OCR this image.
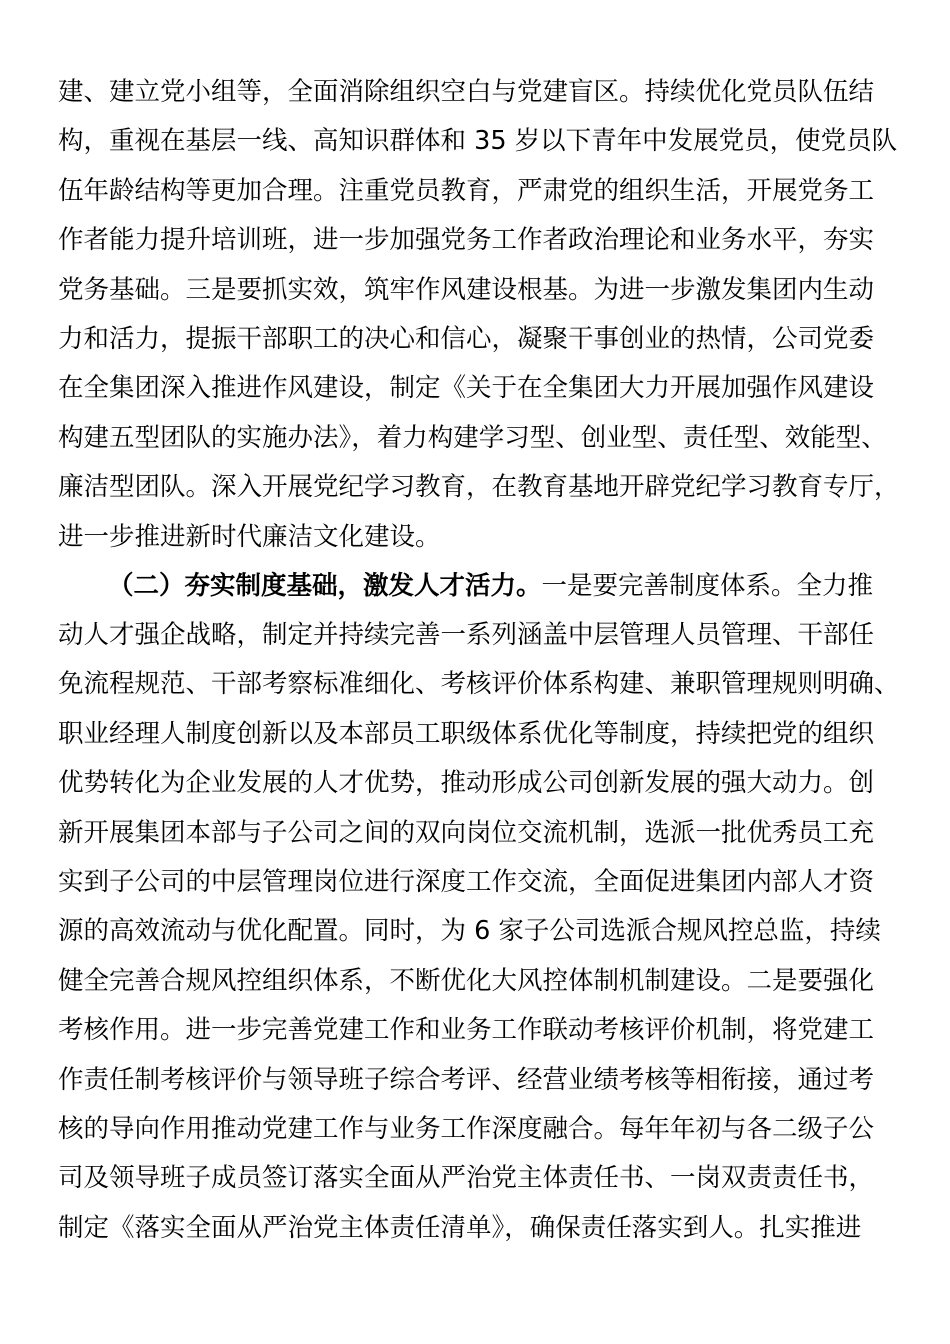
建、建立党小组等，全面消除组织空白与党建盲区。持续优化党员队伍结
构，重视在基层一线、高知识群体和 35 岁以下青年中发展党员，使党员队
伍年龄结构等更加合理。注重党员教育，严肃党的组织生活，开展党务工
作者能力提升培训班，进一步加强党务工作者政治理论和业务水平，夯实
党务基础。三是要抓实效，筑牢作风建设根基。为进一步激发集团内生动
力和活力，提振干部职工的决心和信心，凝聚干事创业的热情，公司党委
在全集团深入推进作风建设，制定《关于在全集团大力开展加强作风建设
构建五型团队的实施办法》，着力构建学习型、创业型、责任型、效能型、
廉洁型团队。深入开展党纪学习教育，在教育基地开辟党纪学习教育专厅，
进一步推进新时代廉洁文化建设。
（二）夯实制度基础，激发人才活力。一是要完善制度体系。全力推
动人才强企战略，制定并持续完善一系列涵盖中层管理人员管理、干部任
免流程规范、干部考察标准细化、考核评价体系构建、兼职管理规则明确、
职业经理人制度创新以及本部员工职级体系优化等制度，持续把党的组织
优势转化为企业发展的人才优势，推动形成公司创新发展的强大动力。创
新开展集团本部与子公司之间的双向岗位交流机制，选派一批优秀员工充
实到子公司的中层管理岗位进行深度工作交流，全面促进集团内部人才资
源的高效流动与优化配置。同时，为 6 家子公司选派合规风控总监，持续
健全完善合规风控组织体系，不断优化大风控体制机制建设。二是要强化
考核作用。进一步完善党建工作和业务工作联动考核评价机制，将党建工
作责任制考核评价与领导班子综合考评、经营业绩考核等相衔接，通过考
核的导向作用推动党建工作与业务工作深度融合。每年年初与各二级子公
司及领导班子成员签订落实全面从严治党主体责任书、一岗双责责任书，
制定《落实全面从严治党主体责任清单》，确保责任落实到人。扎实推进
